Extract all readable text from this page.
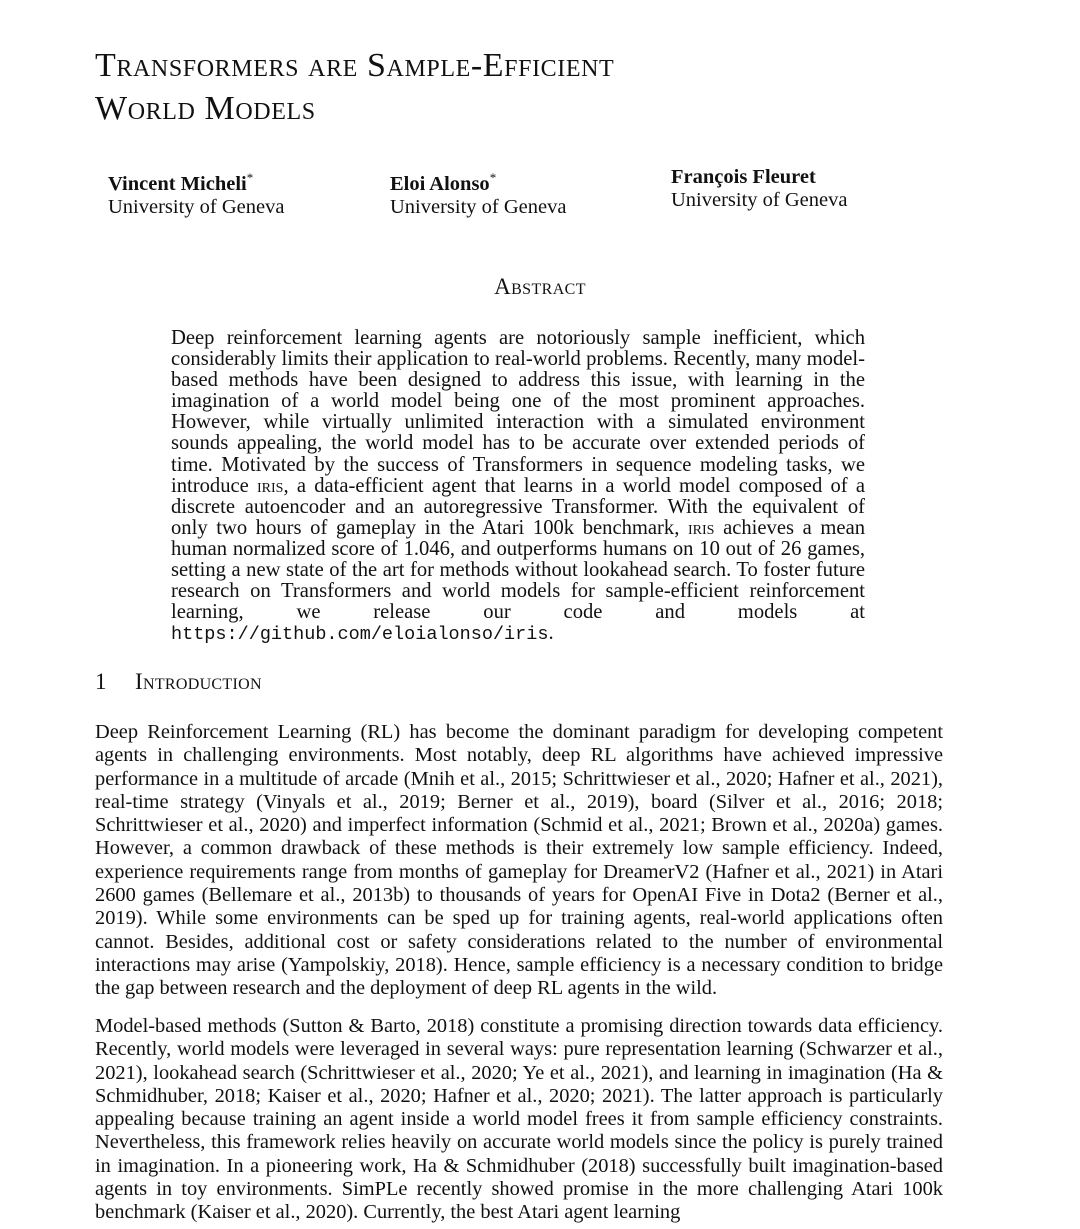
Transformers are Sample-Efficient
World Models
Vincent Micheli*
University of Geneva
Eloi Alonso*
University of Geneva
François Fleuret
University of Geneva
Abstract

Deep reinforcement learning agents are notoriously sample inefficient, which considerably limits their application to real-world problems. Recently, many model-based methods have been designed to address this issue, with learning in the imagination of a world model being one of the most prominent approaches. However, while virtually unlimited interaction with a simulated environment sounds appealing, the world model has to be accurate over extended periods of time. Motivated by the success of Transformers in sequence modeling tasks, we introduce iris, a data-efficient agent that learns in a world model composed of a discrete autoencoder and an autoregressive Transformer. With the equivalent of only two hours of gameplay in the Atari 100k benchmark, iris achieves a mean human normalized score of 1.046, and outperforms humans on 10 out of 26 games, setting a new state of the art for methods without lookahead search. To foster future research on Transformers and world models for sample-efficient reinforcement learning, we release our code and models at https://github.com/eloialonso/iris.

1 Introduction

Deep Reinforcement Learning (RL) has become the dominant paradigm for developing competent agents in challenging environments. Most notably, deep RL algorithms have achieved impressive performance in a multitude of arcade (Mnih et al., 2015; Schrittwieser et al., 2020; Hafner et al., 2021), real-time strategy (Vinyals et al., 2019; Berner et al., 2019), board (Silver et al., 2016; 2018; Schrittwieser et al., 2020) and imperfect information (Schmid et al., 2021; Brown et al., 2020a) games. However, a common drawback of these methods is their extremely low sample efficiency. Indeed, experience requirements range from months of gameplay for DreamerV2 (Hafner et al., 2021) in Atari 2600 games (Bellemare et al., 2013b) to thousands of years for OpenAI Five in Dota2 (Berner et al., 2019). While some environments can be sped up for training agents, real-world applications often cannot. Besides, additional cost or safety considerations related to the number of environmental interactions may arise (Yampolskiy, 2018). Hence, sample efficiency is a necessary condition to bridge the gap between research and the deployment of deep RL agents in the wild.

Model-based methods (Sutton & Barto, 2018) constitute a promising direction towards data efficiency. Recently, world models were leveraged in several ways: pure representation learning (Schwarzer et al., 2021), lookahead search (Schrittwieser et al., 2020; Ye et al., 2021), and learning in imagination (Ha & Schmidhuber, 2018; Kaiser et al., 2020; Hafner et al., 2020; 2021). The latter approach is particularly appealing because training an agent inside a world model frees it from sample efficiency constraints. Nevertheless, this framework relies heavily on accurate world models since the policy is purely trained in imagination. In a pioneering work, Ha & Schmidhuber (2018) successfully built imagination-based agents in toy environments. SimPLe recently showed promise in the more challenging Atari 100k benchmark (Kaiser et al., 2020). Currently, the best Atari agent learning
